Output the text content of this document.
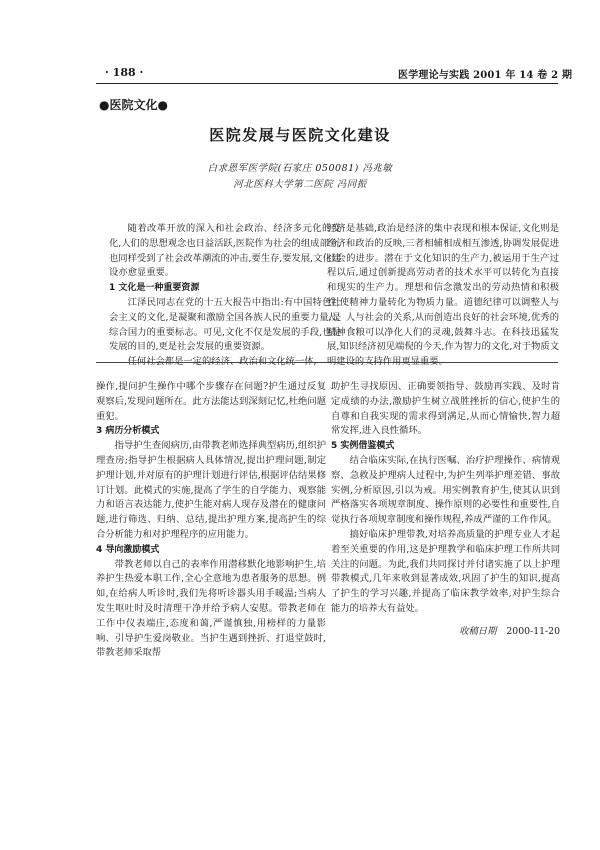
· 188 ·	医学理论与实践 2001 年 14 卷 2 期
●医院文化●
医院发展与医院文化建设
白求恩军医学院(石家庄 050081) 冯兆敏
河北医科大学第二医院 冯同振

随着改革开放的深入和社会政治、经济多元化的变化,人们的思想观念也日益活跃,医院作为社会的组成部分,也同样受到了社会改革潮流的冲击,要生存,要发展,文化建设亦愈显重要。

1 文化是一种重要资源

江泽民同志在党的十五大报告中指出:有中国特色社会主义的文化,是凝聚和激励全国各族人民的重要力量,是综合国力的重要标志。可见,文化不仅是发展的手段,也是发展的目的,更是社会发展的重要资源。

任何社会都是一定的经济、政治和文化统一体,

经济是基础,政治是经济的集中表现和根本保证,文化则是经济和政治的反映,三者相辅相成相互渗透,协调发展促进社会的进步。潜在于文化知识的生产力,被运用于生产过程以后,通过创新提高劳动者的技术水平可以转化为直接和现实的生产力。理想和信念激发出的劳动热情和积极性,使精神力量转化为物质力量。道德纪律可以调整人与人、人与社会的关系,从而创造出良好的社会环境,优秀的精神食粮可以净化人们的灵魂,鼓舞斗志。在科技迅猛发展,知识经济初见端倪的今天,作为智力的文化,对于物质文明建设的支持作用更显重要。

操作,提问护生操作中哪个步骤存在问题?护生通过反复观察后,发现问题所在。此方法能达到深刻记忆,杜绝问题重犯。

3 病历分析模式

指导护生查阅病历,由带教老师选择典型病历,组织护理查房;指导护生根据病人具体情况,提出护理问题,制定护理计划,并对原有的护理计划进行评估,根据评估结果修订计划。此模式的实施,提高了学生的自学能力、观察能力和语言表达能力,使护生能对病人现存及潜在的健康问题,进行筛选、归纳、总结,提出护理方案,提高护生的综合分析能力和对护理程序的应用能力。

4 导向激励模式

带教老师以自己的表率作用潜移默化地影响护生,培养护生热爱本职工作,全心全意地为患者服务的思想。例如,在给病人听诊时,我们先将听诊器头用手暖温;当病人发生呕吐时及时清理干净并给予病人安慰。带教老师在工作中仪表端庄,态度和蔼,严谨慎独,用榜样的力量影响、引导护生爱岗敬业。当护生遇到挫折、打退堂鼓时,带教老师采取帮

助护生寻找原因、正确要领指导、鼓励再实践、及时肯定成绩的办法,激励护生树立战胜挫折的信心,使护生的自尊和自我实现的需求得到满足,从而心情愉快,智力超常发挥,进入良性循环。

5 实例借鉴模式

结合临床实际,在执行医嘱、治疗护理操作、病情观察、急救及护理病人过程中,为护生列举护理差错、事故实例,分析原因,引以为戒。用实例教育护生,使其认识到严格落实各项规章制度、操作原则的必要性和重要性,自觉执行各项规章制度和操作规程,养成严谨的工作作风。

搞好临床护理带教,对培养高质量的护理专业人才起着至关重要的作用,这是护理教学和临床护理工作所共同关注的问题。为此,我们共同探讨并付诸实施了以上护理带教模式,几年来收到显著成效,巩固了护生的知识,提高了护生的学习兴趣,并提高了临床教学效率,对护生综合能力的培养大有益处。

收稿日期 2000-11-20
